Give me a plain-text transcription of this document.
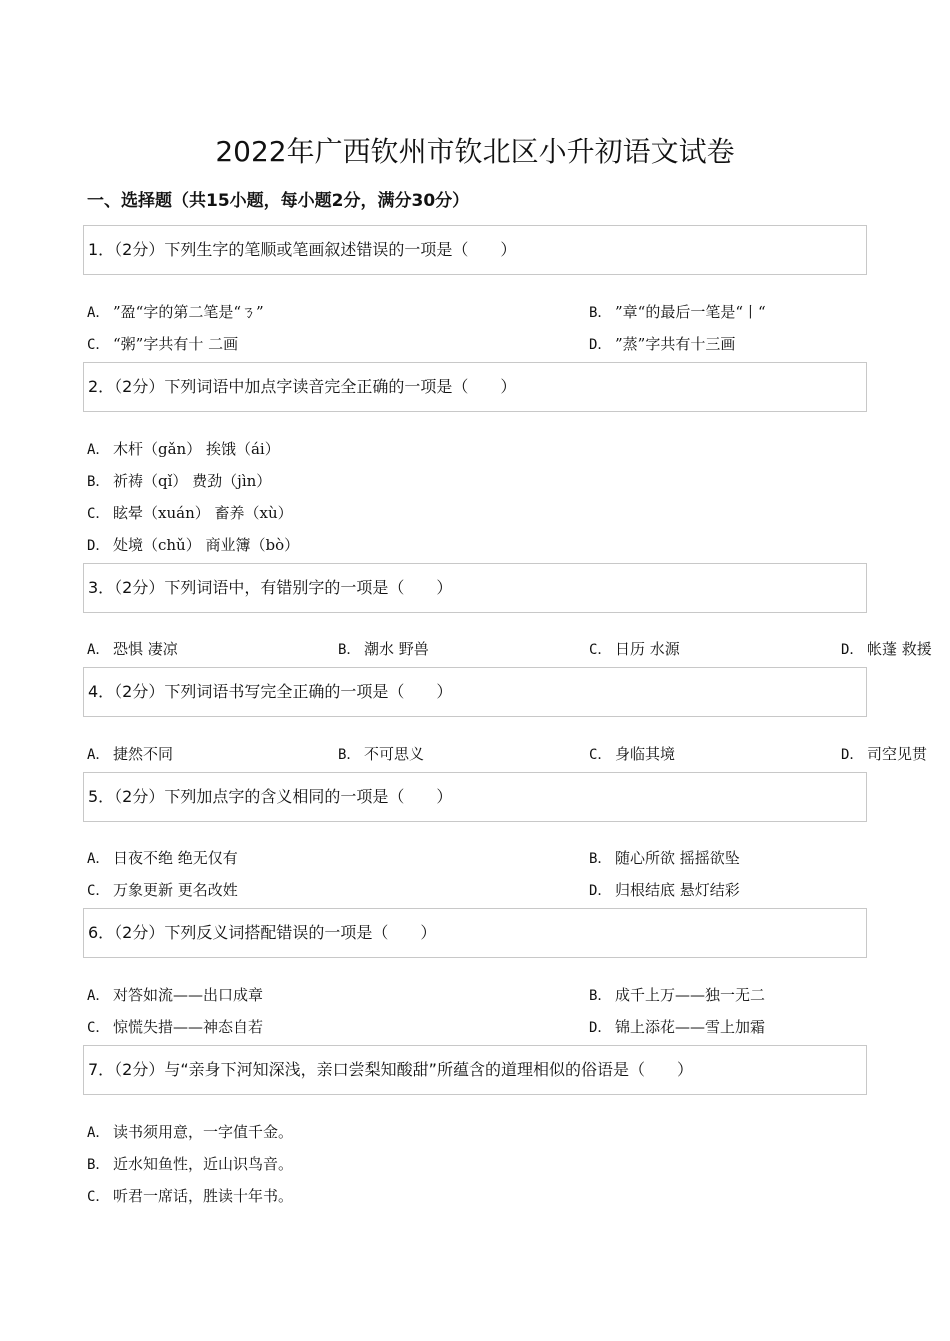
2022年广西钦州市钦北区小升初语文试卷
一、选择题（共15小题，每小题2分，满分30分）
1．（2分）下列生字的笔顺或笔画叙述错误的一项是（　　）
A． ”盈“字的第二笔是“ㄋ”	B． ”章“的最后一笔是“丨“
C． “粥”字共有十 二画	D． ”蒸”字共有十三画
2．（2分）下列词语中加点字读音完全正确的一项是（　　）
A． 木杆（gǎn） 挨饿（ái）
B． 祈祷（qǐ） 费劲（jìn）
C． 眩晕（xuán） 畜养（xù）
D． 处境（chǔ） 商业簿（bò）
3．（2分）下列词语中，有错别字的一项是（　　）
A． 恐惧 凄凉	B． 潮水 野兽	C． 日历 水源	D． 帐蓬 救援
4．（2分）下列词语书写完全正确的一项是（　　）
A． 捷然不同	B． 不可思义	C． 身临其境	D． 司空见贯
5．（2分）下列加点字的含义相同的一项是（　　）
A． 日夜不绝 绝无仅有	B． 随心所欲 摇摇欲坠
C． 万象更新 更名改姓	D． 归根结底 悬灯结彩
6．（2分）下列反义词搭配错误的一项是（　　）
A． 对答如流——出口成章	B． 成千上万——独一无二
C． 惊慌失措——神态自若	D． 锦上添花——雪上加霜
7．（2分）与“亲身下河知深浅，亲口尝梨知酸甜”所蕴含的道理相似的俗语是（　　）
A． 读书须用意，一字值千金。
B． 近水知鱼性，近山识鸟音。
C． 听君一席话，胜读十年书。
